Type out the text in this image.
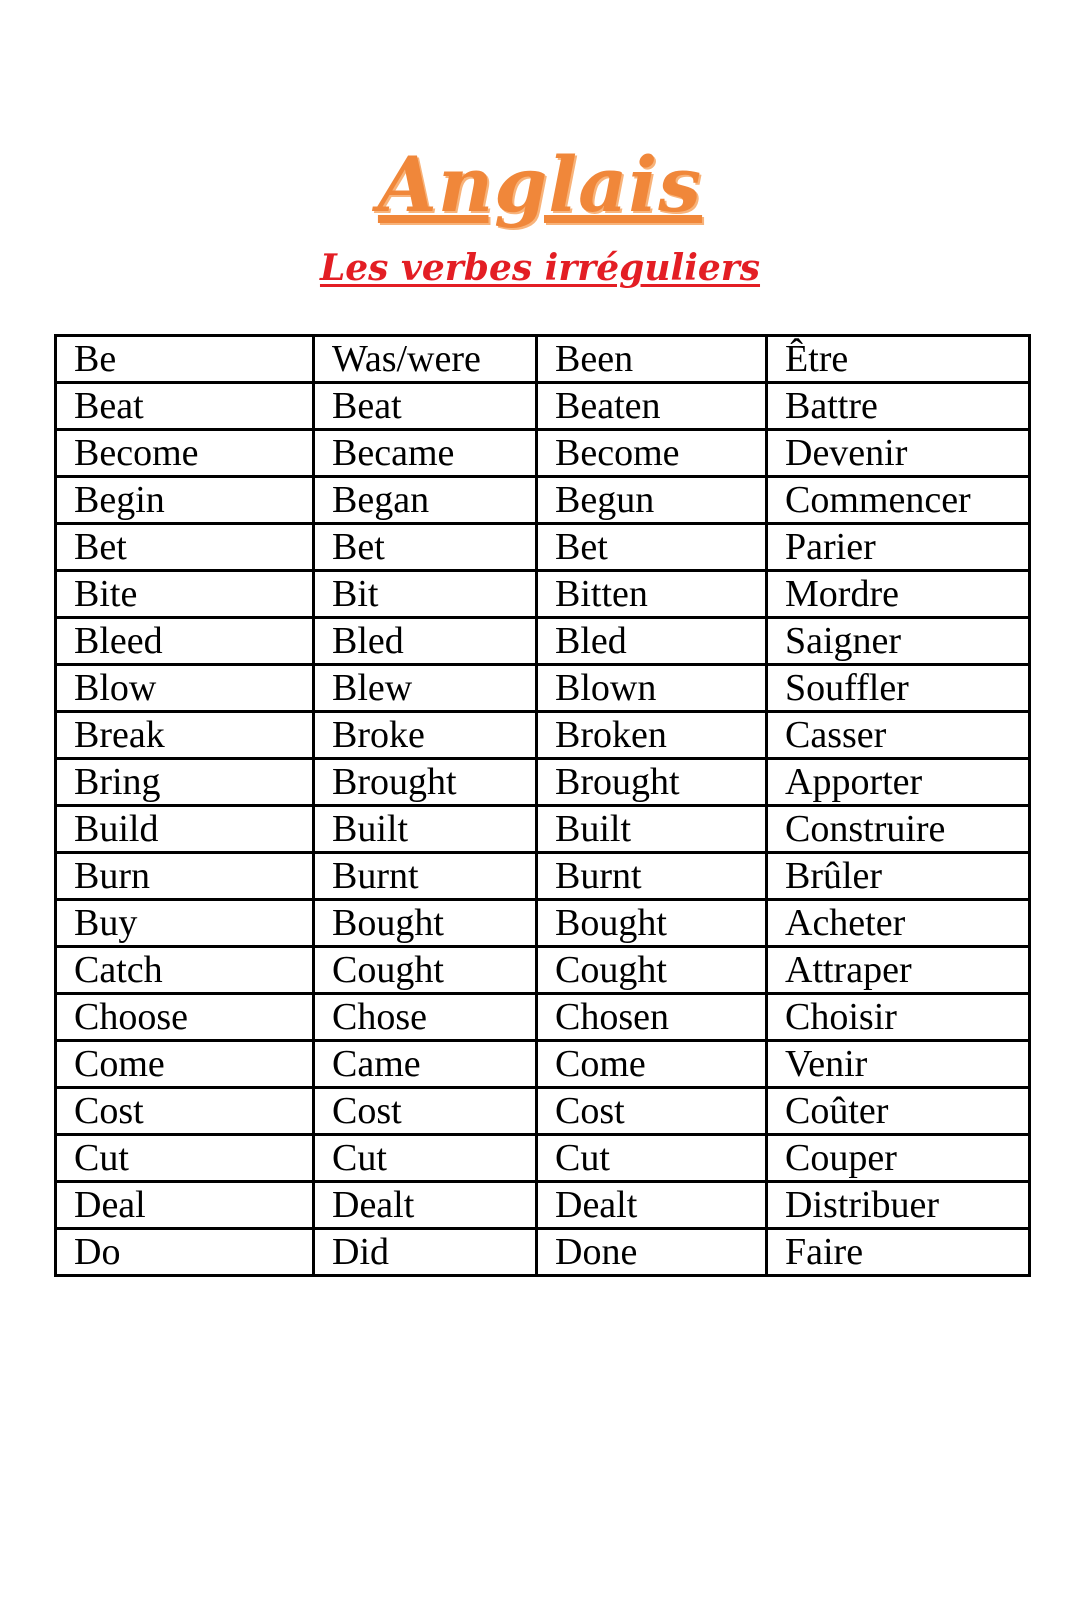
Anglais
Les verbes irréguliers
Be	Was/were	Been	Être
Beat	Beat	Beaten	Battre
Become	Became	Become	Devenir
Begin	Began	Begun	Commencer
Bet	Bet	Bet	Parier
Bite	Bit	Bitten	Mordre
Bleed	Bled	Bled	Saigner
Blow	Blew	Blown	Souffler
Break	Broke	Broken	Casser
Bring	Brought	Brought	Apporter
Build	Built	Built	Construire
Burn	Burnt	Burnt	Brûler
Buy	Bought	Bought	Acheter
Catch	Cought	Cought	Attraper
Choose	Chose	Chosen	Choisir
Come	Came	Come	Venir
Cost	Cost	Cost	Coûter
Cut	Cut	Cut	Couper
Deal	Dealt	Dealt	Distribuer
Do	Did	Done	Faire
